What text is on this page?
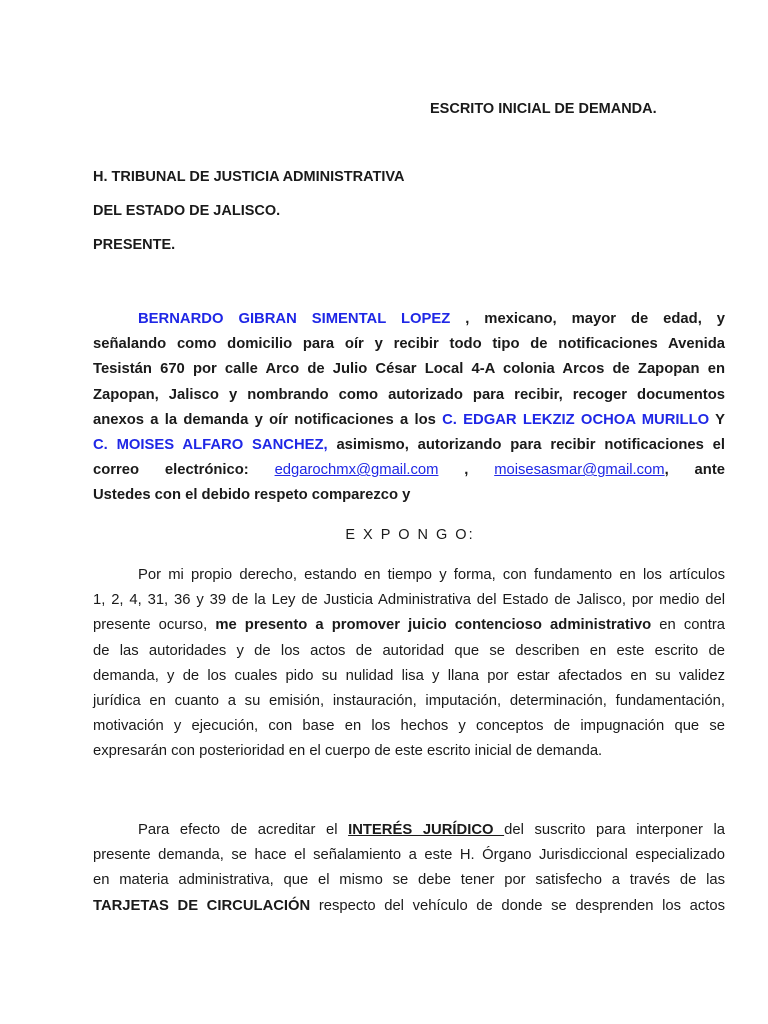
ESCRITO INICIAL DE DEMANDA.
H. TRIBUNAL DE JUSTICIA ADMINISTRATIVA
DEL ESTADO DE JALISCO.
PRESENTE.
BERNARDO GIBRAN SIMENTAL LOPEZ , mexicano, mayor de edad, y
señalando como domicilio para oír y recibir todo tipo de notificaciones Avenida
Tesistán 670 por calle Arco de Julio César Local 4-A colonia Arcos de Zapopan en
Zapopan, Jalisco y nombrando como autorizado para recibir, recoger documentos
anexos a la demanda y oír notificaciones a los C. EDGAR LEKZIZ OCHOA MURILLO Y
C. MOISES ALFARO SANCHEZ, asimismo, autorizando para recibir notificaciones el
correo electrónico: edgarochmx@gmail.com , moisesasmar@gmail.com, ante
Ustedes con el debido respeto comparezco y
E X P O N G O:
Por mi propio derecho, estando en tiempo y forma, con fundamento en los artículos
1, 2, 4, 31, 36 y 39 de la Ley de Justicia Administrativa del Estado de Jalisco, por medio del
presente ocurso, me presento a promover juicio contencioso administrativo en contra
de las autoridades y de los actos de autoridad que se describen en este escrito de
demanda, y de los cuales pido su nulidad lisa y llana por estar afectados en su validez
jurídica en cuanto a su emisión, instauración, imputación, determinación, fundamentación,
motivación y ejecución, con base en los hechos y conceptos de impugnación que se
expresarán con posterioridad en el cuerpo de este escrito inicial de demanda.
Para efecto de acreditar el INTERÉS JURÍDICO del suscrito para interponer la
presente demanda, se hace el señalamiento a este H. Órgano Jurisdiccional especializado
en materia administrativa, que el mismo se debe tener por satisfecho a través de las
TARJETAS DE CIRCULACIÓN respecto del vehículo de donde se desprenden los actos
